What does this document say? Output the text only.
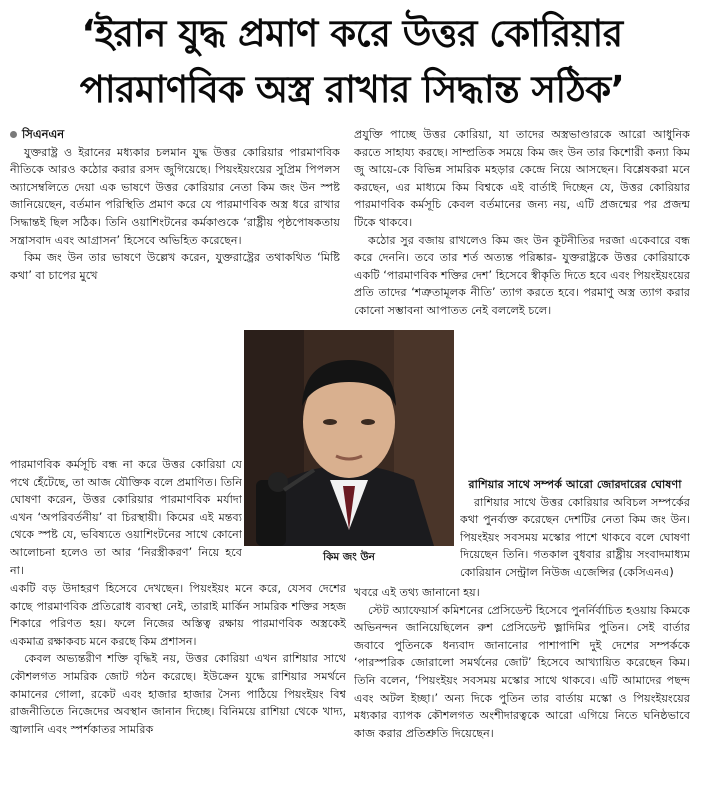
‘ইরান যুদ্ধ প্রমাণ করে উত্তর কোরিয়ার পারমাণবিক অস্ত্র রাখার সিদ্ধান্ত সঠিক’

সিএনএন

যুক্তরাষ্ট্র ও ইরানের মধ্যকার চলমান যুদ্ধ উত্তর কোরিয়ার পারমাণবিক নীতিকে আরও কঠোর করার রসদ জুগিয়েছে। পিয়ংইয়ংয়ের সুপ্রিম পিপলস অ্যাসেম্বলিতে দেয়া এক ভাষণে উত্তর কোরিয়ার নেতা কিম জং উন স্পষ্ট জানিয়েছেন, বর্তমান পরিস্থিতি প্রমাণ করে যে পারমাণবিক অস্ত্র ধরে রাখার সিদ্ধান্তই ছিল সঠিক। তিনি ওয়াশিংটনের কর্মকাণ্ডকে ‘রাষ্ট্রীয় পৃষ্ঠপোষকতায় সন্ত্রাসবাদ এবং আগ্রাসন’ হিসেবে অভিহিত করেছেন।

কিম জং উন তার ভাষণে উল্লেখ করেন, যুক্তরাষ্ট্রের তথাকথিত ‘মিষ্টি কথা’ বা চাপের মুখে

পারমাণবিক কর্মসূচি বন্ধ না করে উত্তর কোরিয়া যে পথে হেঁটেছে, তা আজ যৌক্তিক বলে প্রমাণিত। তিনি ঘোষণা করেন, উত্তর কোরিয়ার পারমাণবিক মর্যাদা এখন ‘অপরিবর্তনীয়’ বা চিরস্থায়ী। কিমের এই মন্তব্য থেকে স্পষ্ট যে, ভবিষ্যতে ওয়াশিংটনের সাথে কোনো আলোচনা হলেও তা আর ‘নিরস্ত্রীকরণ’ নিয়ে হবে না।

কিম জং উন

প্রযুক্তি পাচ্ছে উত্তর কোরিয়া, যা তাদের অস্ত্রভাণ্ডারকে আরো আধুনিক করতে সাহায্য করছে। সাম্প্রতিক সময়ে কিম জং উন তার কিশোরী কন্যা কিম জু আয়ে-কে বিভিন্ন সামরিক মহড়ার কেন্দ্রে নিয়ে আসছেন। বিশ্লেষকরা মনে করছেন, এর মাধ্যমে কিম বিশ্বকে এই বার্তাই দিচ্ছেন যে, উত্তর কোরিয়ার পারমাণবিক কর্মসূচি কেবল বর্তমানের জন্য নয়, এটি প্রজন্মের পর প্রজন্ম টিকে থাকবে।

কঠোর সুর বজায় রাখলেও কিম জং উন কূটনীতির দরজা একেবারে বন্ধ করে দেননি। তবে তার শর্ত অত্যন্ত পরিষ্কার- যুক্তরাষ্ট্রকে উত্তর কোরিয়াকে একটি ‘পারমাণবিক শক্তির দেশ’ হিসেবে স্বীকৃতি দিতে হবে এবং পিয়ংইয়ংয়ের প্রতি তাদের ‘শত্রুতামূলক নীতি’ ত্যাগ করতে হবে। পরমাণু অস্ত্র ত্যাগ করার কোনো সম্ভাবনা আপাতত নেই বললেই চলে।

রাশিয়ার সাথে সম্পর্ক আরো জোরদারের ঘোষণা

রাশিয়ার সাথে উত্তর কোরিয়ার অবিচল সম্পর্কের কথা পুনর্ব্যক্ত করেছেন দেশটির নেতা কিম জং উন। পিয়ংইয়ং সবসময় মস্কোর পাশে থাকবে বলে ঘোষণা দিয়েছেন তিনি। গতকাল বুধবার রাষ্ট্রীয় সংবাদমাধ্যম কোরিয়ান সেন্ট্রাল নিউজ এজেন্সির (কেসিএনএ)

একটি বড় উদাহরণ হিসেবে দেখছেন। পিয়ংইয়ং মনে করে, যেসব দেশের কাছে পারমাণবিক প্রতিরোধ ব্যবস্থা নেই, তারাই মার্কিন সামরিক শক্তির সহজ শিকারে পরিণত হয়। ফলে নিজের অস্তিত্ব রক্ষায় পারমাণবিক অস্ত্রকেই একমাত্র রক্ষাকবচ মনে করছে কিম প্রশাসন।

কেবল অভ্যন্তরীণ শক্তি বৃদ্ধিই নয়, উত্তর কোরিয়া এখন রাশিয়ার সাথে কৌশলগত সামরিক জোট গঠন করেছে। ইউক্রেন যুদ্ধে রাশিয়ার সমর্থনে কামানের গোলা, রকেট এবং হাজার হাজার সৈন্য পাঠিয়ে পিয়ংইয়ং বিশ্ব রাজনীতিতে নিজেদের অবস্থান জানান দিচ্ছে। বিনিময়ে রাশিয়া থেকে খাদ্য, জ্বালানি এবং স্পর্শকাতর সামরিক

খবরে এই তথ্য জানানো হয়।

স্টেট অ্যাফেয়ার্স কমিশনের প্রেসিডেন্ট হিসেবে পুনর্নির্বাচিত হওয়ায় কিমকে অভিনন্দন জানিয়েছিলেন রুশ প্রেসিডেন্ট ভ্লাদিমির পুতিন। সেই বার্তার জবাবে পুতিনকে ধন্যবাদ জানানোর পাশাপাশি দুই দেশের সম্পর্ককে ‘পারস্পরিক জোরালো সমর্থনের জোট’ হিসেবে আখ্যায়িত করেছেন কিম। তিনি বলেন, ‘পিয়ংইয়ং সবসময় মস্কোর সাথে থাকবে। এটি আমাদের পছন্দ এবং অটল ইচ্ছা।’ অন্য দিকে পুতিন তার বার্তায় মস্কো ও পিয়ংইয়ংয়ের মধ্যকার ব্যাপক কৌশলগত অংশীদারত্বকে আরো এগিয়ে নিতে ঘনিষ্ঠভাবে কাজ করার প্রতিশ্রুতি দিয়েছেন।
